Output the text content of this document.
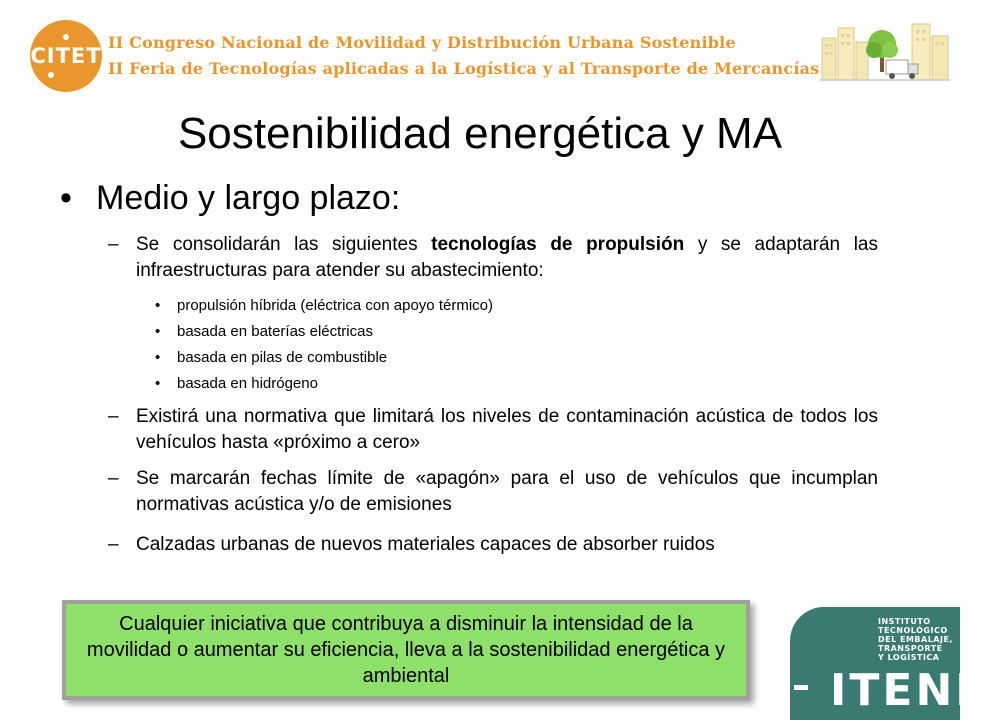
CITET
II Congreso Nacional de Movilidad y Distribución Urbana Sostenible
II Feria de Tecnologías aplicadas a la Logística y al Transporte de Mercancías
Sostenibilidad energética y MA
• Medio y largo plazo:
– Se consolidarán las siguientes tecnologías de propulsión y se adaptarán las infraestructuras para atender su abastecimiento:
• propulsión híbrida (eléctrica con apoyo térmico)
• basada en baterías eléctricas
• basada en pilas de combustible
• basada en hidrógeno
– Existirá una normativa que limitará los niveles de contaminación acústica de todos los vehículos hasta «próximo a cero»
– Se marcarán fechas límite de «apagón» para el uso de vehículos que incumplan normativas acústica y/o de emisiones
– Calzadas urbanas de nuevos materiales capaces de absorber ruidos
Cualquier iniciativa que contribuya a disminuir la intensidad de la movilidad o aumentar su eficiencia, lleva a la sostenibilidad energética y ambiental
INSTITUTO
TECNOLÓGICO
DEL EMBALAJE,
TRANSPORTE
Y LOGÍSTICA
ITENE
